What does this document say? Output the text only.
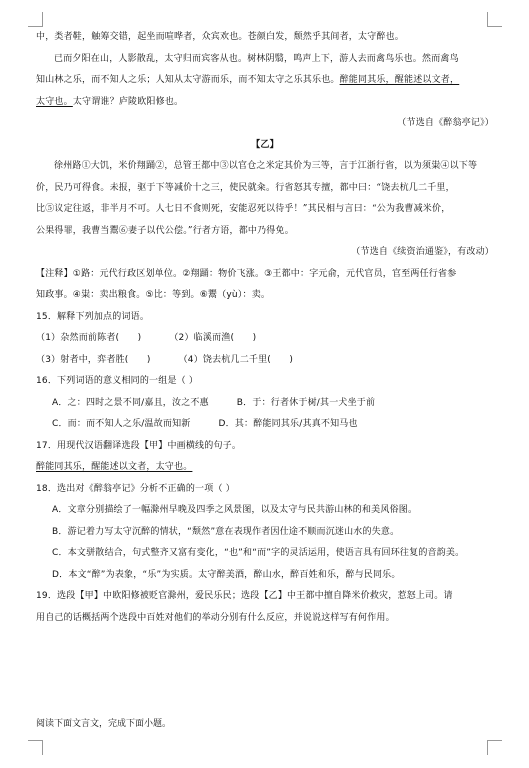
中，类者鞋，触筹交错，起坐而喧哗者，众宾欢也。苍颜白发，颓然乎其间者，太守醉也。
已而夕阳在山，人影散乱，太守归而宾客从也。树林阴翳，鸣声上下，游人去而禽鸟乐也。然而禽鸟
知山林之乐，而不知人之乐；人知从太守游而乐，而不知太守之乐其乐也。醉能同其乐，醒能述以文者，
太守也。太守谓谁？庐陵欧阳修也。
（节选自《醉翁亭记》）
【乙】
徐州路①大饥，米价翔踊②，总管王都中③以官仓之米定其价为三等，言于江浙行省，以为须粜④以下等
价，民乃可得食。未报，驱于下等减价十之三，使民就籴。行省怒其专擅，都中曰：“饶去杭几二千里，
比⑤议定往返，非半月不可。人七日不食则死，安能忍死以待乎！”其民相与言曰：“公为我曹减米价，
公果得罪，我曹当鬻⑥妻子以代公偿。”行者方语，都中乃得免。
（节选自《续资治通鉴》，有改动）
【注释】①路：元代行政区划单位。②翔踊：物价飞涨。③王都中：字元俞，元代官员，官至两任行省参
知政事。④粜：卖出粮食。⑤比：等到。⑥鬻（yù）：卖。
15．解释下列加点的词语。
（1）杂然而前陈者(　　)	（2）临溪而渔(　　)
（3）射者中，弈者胜(　　)	（4）饶去杭几二千里(　　)
16．下列词语的意义相同的一组是（ ）
A．之：四时之景不同/嘉且，汝之不惠	B．于：行者休于树/其一犬坐于前
C．而：而不知人之乐/温故而知新	D．其：醉能同其乐/其真不知马也
17．用现代汉语翻译选段【甲】中画横线的句子。
醉能同其乐，醒能述以文者，太守也。
18．选出对《醉翁亭记》分析不正确的一项（ ）
A．文章分别描绘了一幅滁州早晚及四季之风景图，以及太守与民共游山林的和美风俗图。
B．游记着力写太守沉醉的情状，“颓然”意在表现作者因仕途不顺而沉迷山水的失意。
C．本文骈散结合，句式整齐又富有变化，“也”和“而”字的灵活运用，使语言具有回环往复的音韵美。
D．本文“醉”为表象，“乐”为实质。太守醉美酒，醉山水，醉百姓和乐，醉与民同乐。
19．选段【甲】中欧阳修被贬官滁州，爱民乐民；选段【乙】中王都中擅自降米价救灾，惹怒上司。请
用自己的话概括两个选段中百姓对他们的举动分别有什么反应，并说说这样写有何作用。
阅读下面文言文，完成下面小题。
